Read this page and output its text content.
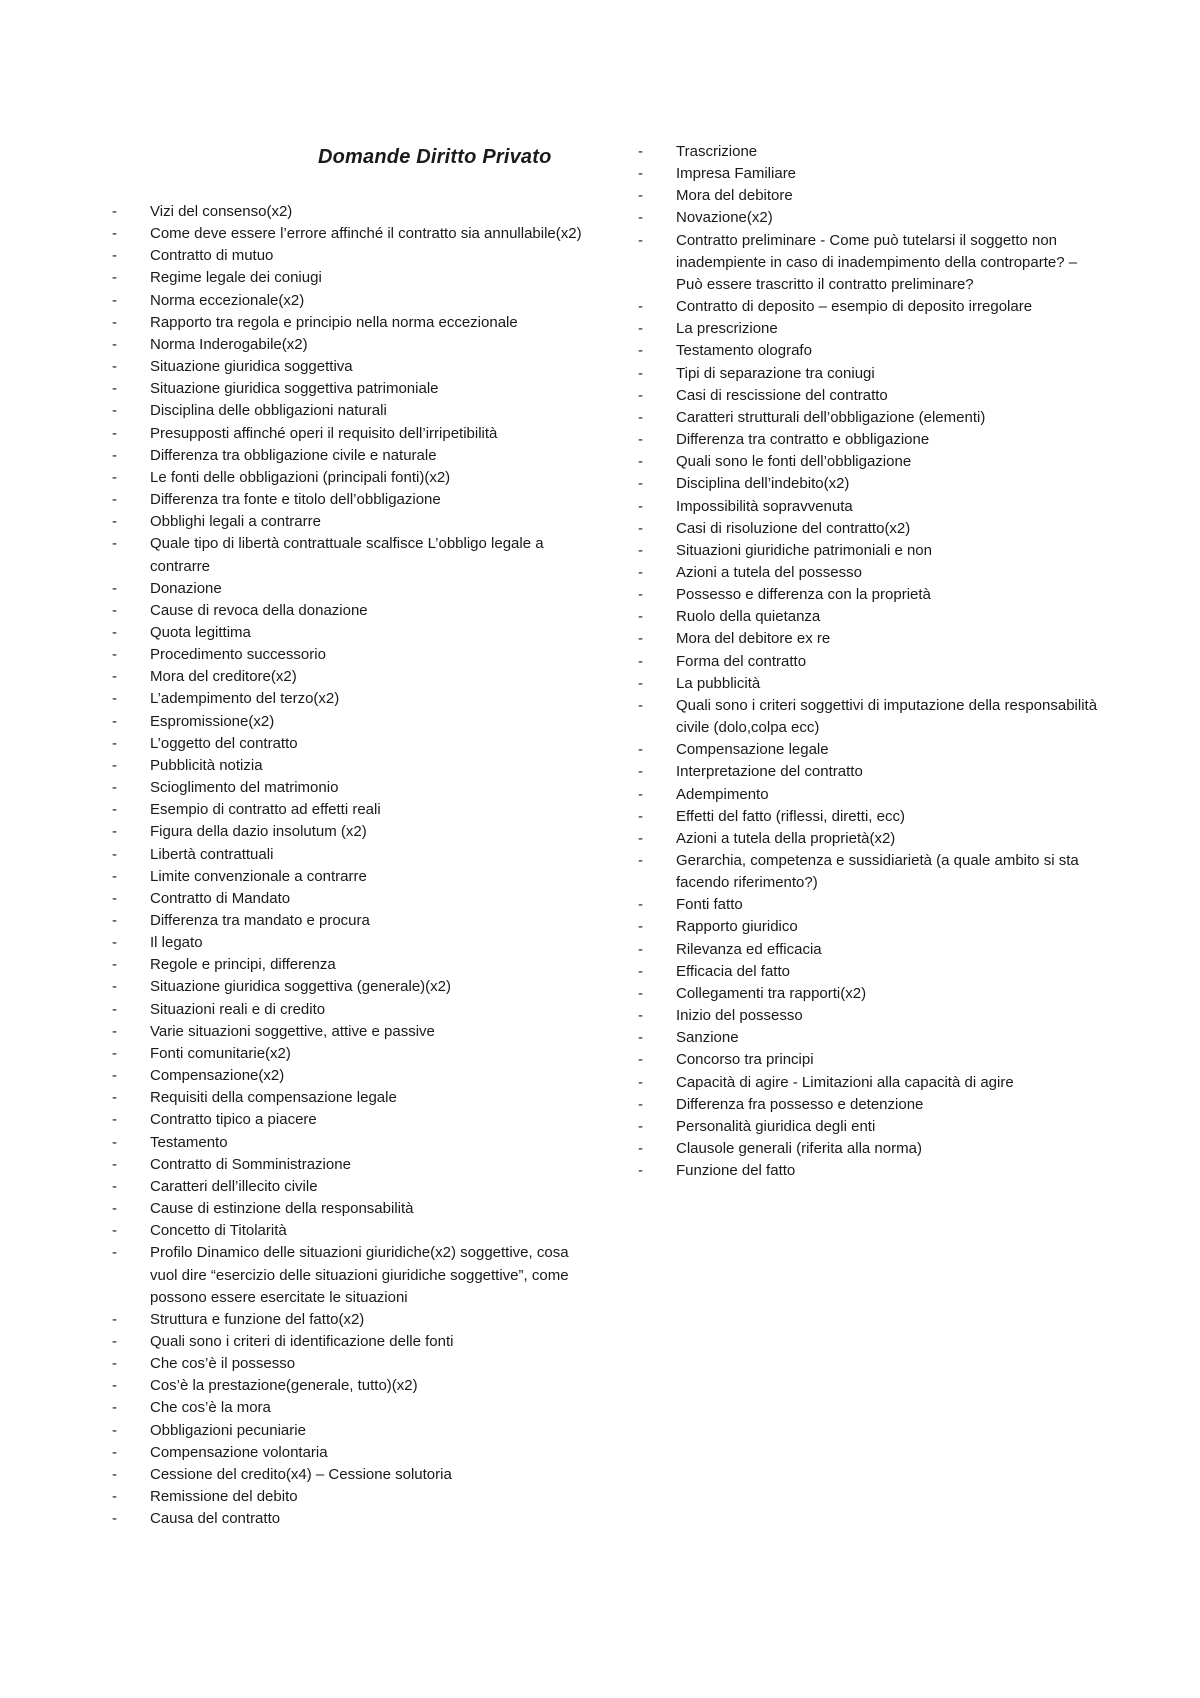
Domande Diritto Privato
- Vizi del consenso(x2)
- Come deve essere l’errore affinché il contratto sia annullabile(x2)
- Contratto di mutuo
- Regime legale dei coniugi
- Norma eccezionale(x2)
- Rapporto tra regola e principio nella norma eccezionale
- Norma Inderogabile(x2)
- Situazione giuridica soggettiva
- Situazione giuridica soggettiva patrimoniale
- Disciplina delle obbligazioni naturali
- Presupposti affinché operi il requisito dell’irripetibilità
- Differenza tra obbligazione civile e naturale
- Le fonti delle obbligazioni (principali fonti)(x2)
- Differenza tra fonte e titolo dell’obbligazione
- Obblighi legali a contrarre
- Quale tipo di libertà contrattuale scalfisce L’obbligo legale a contrarre
- Donazione
- Cause di revoca della donazione
- Quota legittima
- Procedimento successorio
- Mora del creditore(x2)
- L’adempimento del terzo(x2)
- Espromissione(x2)
- L’oggetto del contratto
- Pubblicità notizia
- Scioglimento del matrimonio
- Esempio di contratto ad effetti reali
- Figura della dazio insolutum (x2)
- Libertà contrattuali
- Limite convenzionale a contrarre
- Contratto di Mandato
- Differenza tra mandato e procura
- Il legato
- Regole e principi, differenza
- Situazione giuridica soggettiva (generale)(x2)
- Situazioni reali e di credito
- Varie situazioni soggettive, attive e passive
- Fonti comunitarie(x2)
- Compensazione(x2)
- Requisiti della compensazione legale
- Contratto tipico a piacere
- Testamento
- Contratto di Somministrazione
- Caratteri dell’illecito civile
- Cause di estinzione della responsabilità
- Concetto di Titolarità
- Profilo Dinamico delle situazioni giuridiche(x2) soggettive, cosa vuol dire “esercizio delle situazioni giuridiche soggettive”, come possono essere esercitate le situazioni
- Struttura e funzione del fatto(x2)
- Quali sono i criteri di identificazione delle fonti
- Che cos’è il possesso
- Cos’è la prestazione(generale, tutto)(x2)
- Che cos’è la mora
- Obbligazioni pecuniarie
- Compensazione volontaria
- Cessione del credito(x4) – Cessione solutoria
- Remissione del debito
- Causa del contratto
- Trascrizione
- Impresa Familiare
- Mora del debitore
- Novazione(x2)
- Contratto preliminare - Come può tutelarsi il soggetto non inadempiente in caso di inadempimento della controparte? – Può essere trascritto il contratto preliminare?
- Contratto di deposito – esempio di deposito irregolare
- La prescrizione
- Testamento olografo
- Tipi di separazione tra coniugi
- Casi di rescissione del contratto
- Caratteri strutturali dell’obbligazione (elementi)
- Differenza tra contratto e obbligazione
- Quali sono le fonti dell’obbligazione
- Disciplina dell’indebito(x2)
- Impossibilità sopravvenuta
- Casi di risoluzione del contratto(x2)
- Situazioni giuridiche patrimoniali e non
- Azioni a tutela del possesso
- Possesso e differenza con la proprietà
- Ruolo della quietanza
- Mora del debitore ex re
- Forma del contratto
- La pubblicità
- Quali sono i criteri soggettivi di imputazione della responsabilità civile (dolo,colpa ecc)
- Compensazione legale
- Interpretazione del contratto
- Adempimento
- Effetti del fatto (riflessi, diretti, ecc)
- Azioni a tutela della proprietà(x2)
- Gerarchia, competenza e sussidiarietà (a quale ambito si sta facendo riferimento?)
- Fonti fatto
- Rapporto giuridico
- Rilevanza ed efficacia
- Efficacia del fatto
- Collegamenti tra rapporti(x2)
- Inizio del possesso
- Sanzione
- Concorso tra principi
- Capacità di agire - Limitazioni alla capacità di agire
- Differenza fra possesso e detenzione
- Personalità giuridica degli enti
- Clausole generali (riferita alla norma)
- Funzione del fatto
